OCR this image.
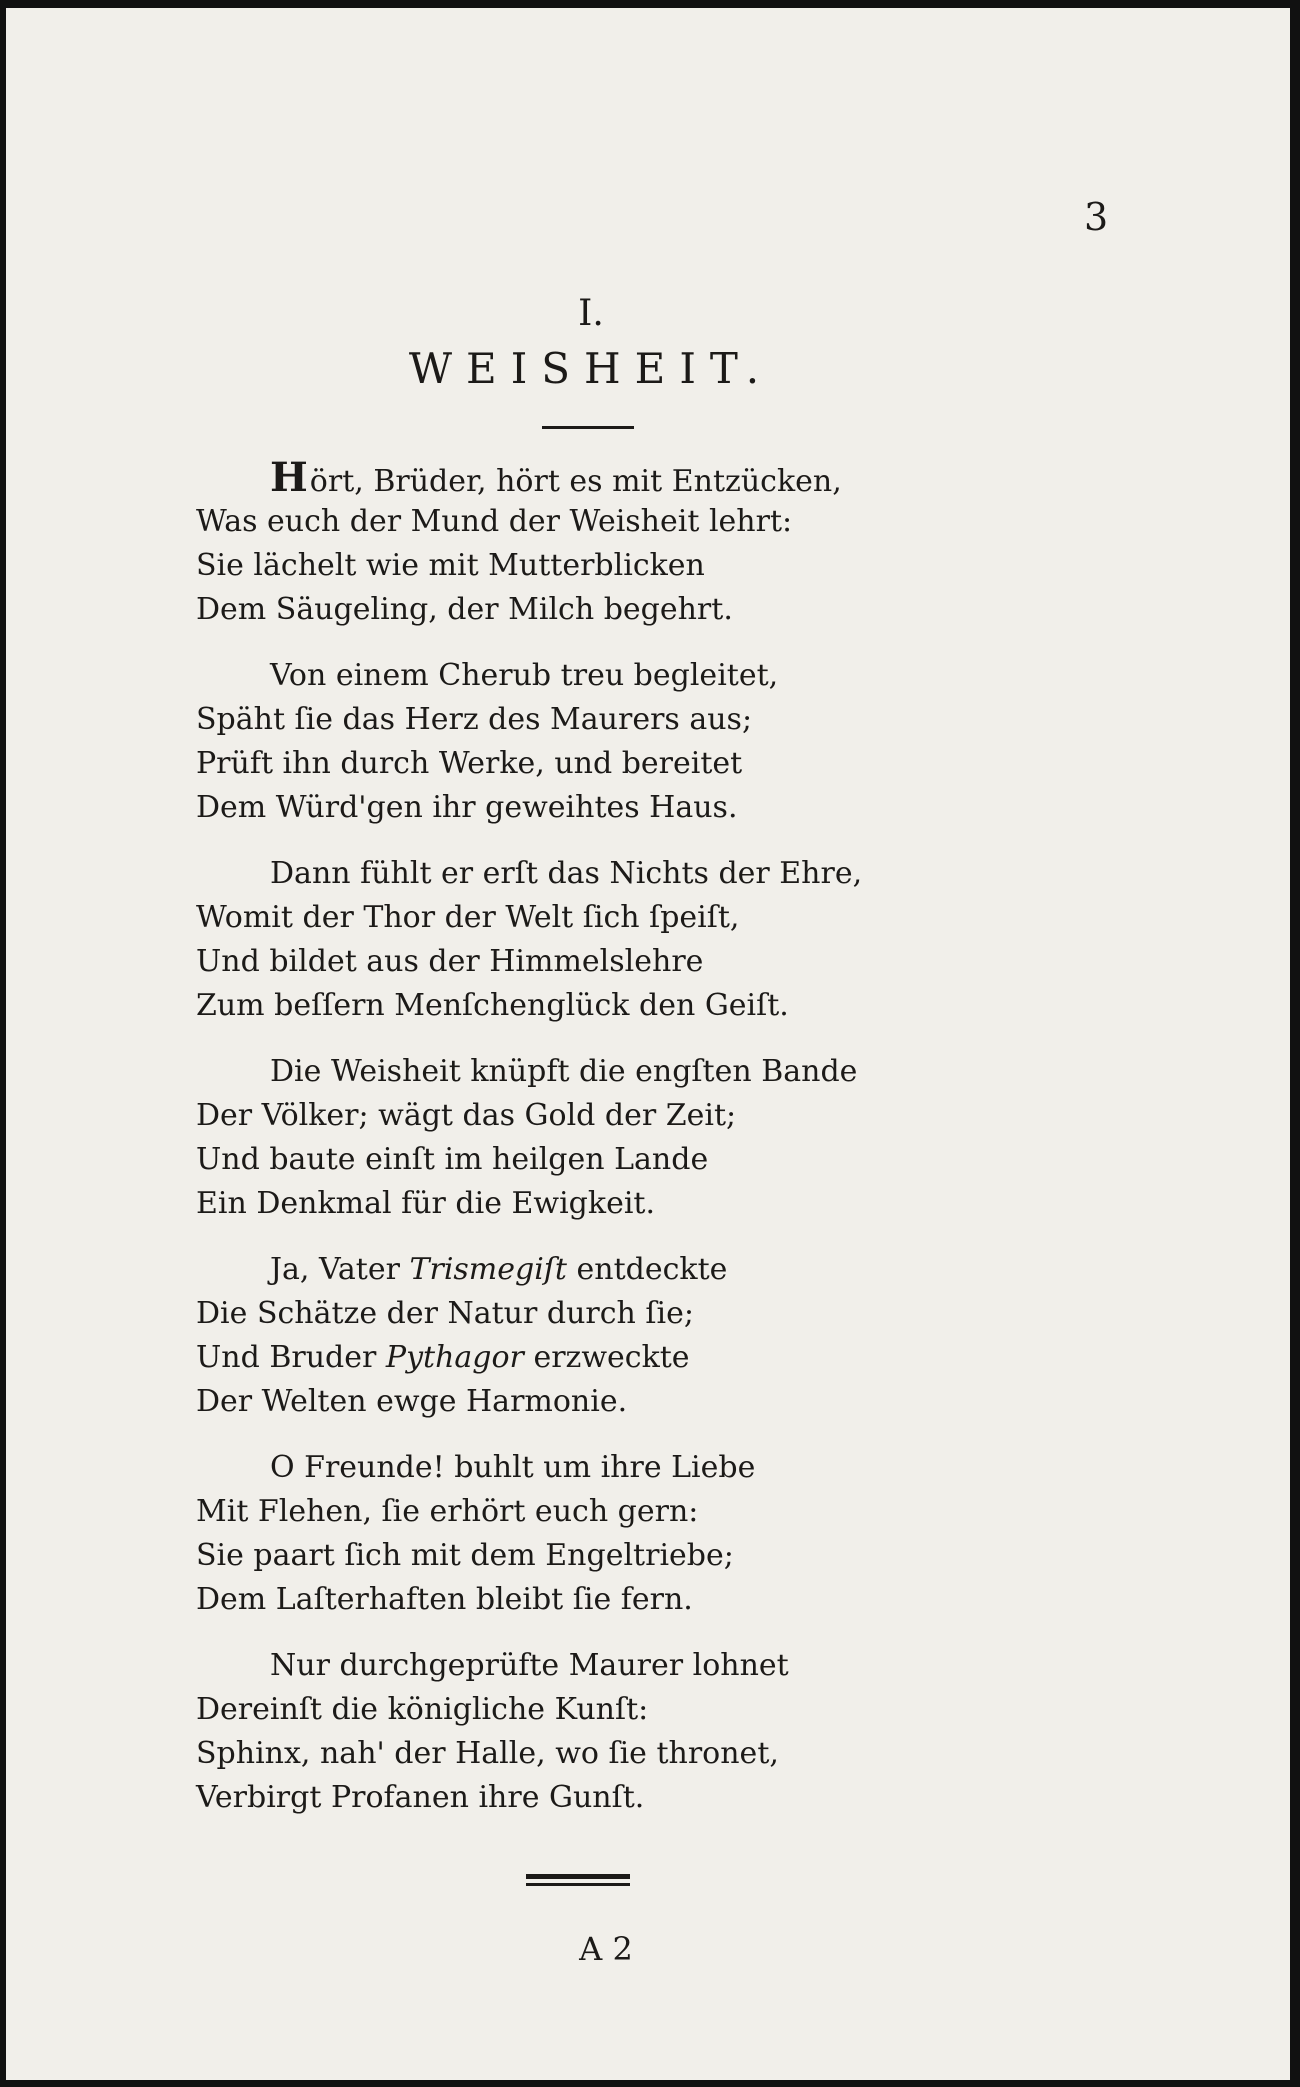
3
I.
WEISHEIT.
Hört, Brüder, hört es mit Entzücken,
Was euch der Mund der Weisheit lehrt:
Sie lächelt wie mit Mutterblicken
Dem Säugeling, der Milch begehrt.
Von einem Cherub treu begleitet,
Späht ſie das Herz des Maurers aus;
Prüft ihn durch Werke, und bereitet
Dem Würd'gen ihr geweihtes Haus.
Dann fühlt er erſt das Nichts der Ehre,
Womit der Thor der Welt ſich ſpeiſt,
Und bildet aus der Himmelslehre
Zum beſſern Menſchenglück den Geiſt.
Die Weisheit knüpft die engſten Bande
Der Völker; wägt das Gold der Zeit;
Und baute einſt im heilgen Lande
Ein Denkmal für die Ewigkeit.
Ja, Vater Trismegiſt entdeckte
Die Schätze der Natur durch ſie;
Und Bruder Pythagor erzweckte
Der Welten ewge Harmonie.
O Freunde! buhlt um ihre Liebe
Mit Flehen, ſie erhört euch gern:
Sie paart ſich mit dem Engeltriebe;
Dem Laſterhaften bleibt ſie fern.
Nur durchgeprüfte Maurer lohnet
Dereinſt die königliche Kunſt:
Sphinx, nah' der Halle, wo ſie thronet,
Verbirgt Profanen ihre Gunſt.
A 2
